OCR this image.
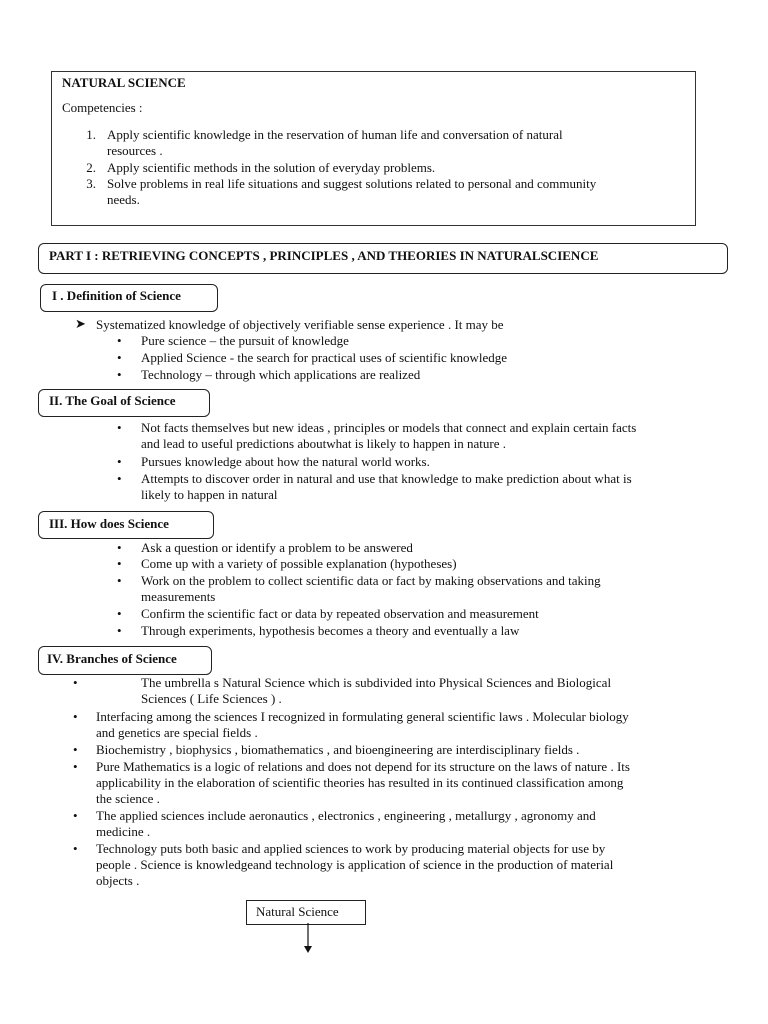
NATURAL SCIENCE
Competencies :
1. Apply scientific knowledge in the reservation of human life and conversation of natural
resources .
2. Apply scientific methods in the solution of everyday problems.
3. Solve problems in real life situations and suggest solutions related to personal and community
needs.
PART I : RETRIEVING CONCEPTS , PRINCIPLES , AND THEORIES IN NATURALSCIENCE
I . Definition of Science
➤ Systematized knowledge of objectively verifiable sense experience . It may be
• Pure science – the pursuit of knowledge
• Applied Science - the search for practical uses of scientific knowledge
• Technology – through which applications are realized
II. The Goal of Science
• Not facts themselves but new ideas , principles or models that connect and explain certain facts
and lead to useful predictions aboutwhat is likely to happen in nature .
• Pursues knowledge about how the natural world works.
• Attempts to discover order in natural and use that knowledge to make prediction about what is
likely to happen in natural
III. How does Science
• Ask a question or identify a problem to be answered
• Come up with a variety of possible explanation (hypotheses)
• Work on the problem to collect scientific data or fact by making observations and taking
measurements
• Confirm the scientific fact or data by repeated observation and measurement
• Through experiments, hypothesis becomes a theory and eventually a law
IV. Branches of Science
•	The umbrella s Natural Science which is subdivided into Physical Sciences and Biological
Sciences ( Life Sciences ) .
• Interfacing among the sciences I recognized in formulating general scientific laws . Molecular biology
and genetics are special fields .
• Biochemistry , biophysics , biomathematics , and bioengineering are interdisciplinary fields .
• Pure Mathematics is a logic of relations and does not depend for its structure on the laws of nature . Its
applicability in the elaboration of scientific theories has resulted in its continued classification among
the science .
• The applied sciences include aeronautics , electronics , engineering , metallurgy , agronomy and
medicine .
• Technology puts both basic and applied sciences to work by producing material objects for use by
people . Science is knowledgeand technology is application of science in the production of material
objects .
Natural Science
